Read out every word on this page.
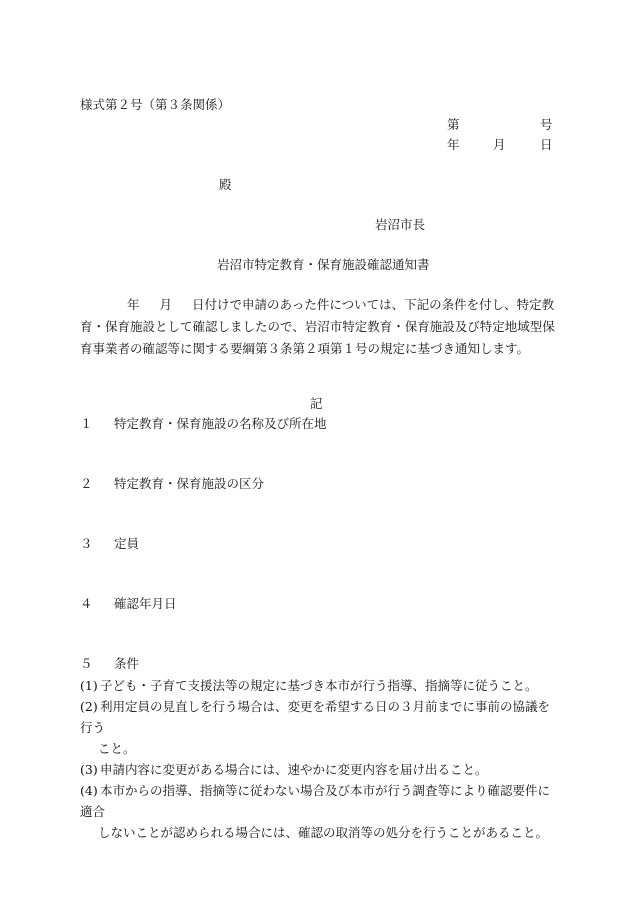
様式第２号（第３条関係）
第	号
年	月	日
殿
岩沼市長
岩沼市特定教育・保育施設確認通知書
年 月 日付けで申請のあった件については、下記の条件を付し、特定教育・保育施設として確認しましたので、岩沼市特定教育・保育施設及び特定地域型保育事業者の確認等に関する要綱第３条第２項第１号の規定に基づき通知します。
記
１ 特定教育・保育施設の名称及び所在地
２ 特定教育・保育施設の区分
３ 定員
４ 確認年月日
５ 条件
(1) 子ども・子育て支援法等の規定に基づき本市が行う指導、指摘等に従うこと。
(2) 利用定員の見直しを行う場合は、変更を希望する日の３月前までに事前の協議を行う
こと。
(3) 申請内容に変更がある場合には、速やかに変更内容を届け出ること。
(4) 本市からの指導、指摘等に従わない場合及び本市が行う調査等により確認要件に適合
しないことが認められる場合には、確認の取消等の処分を行うことがあること。
